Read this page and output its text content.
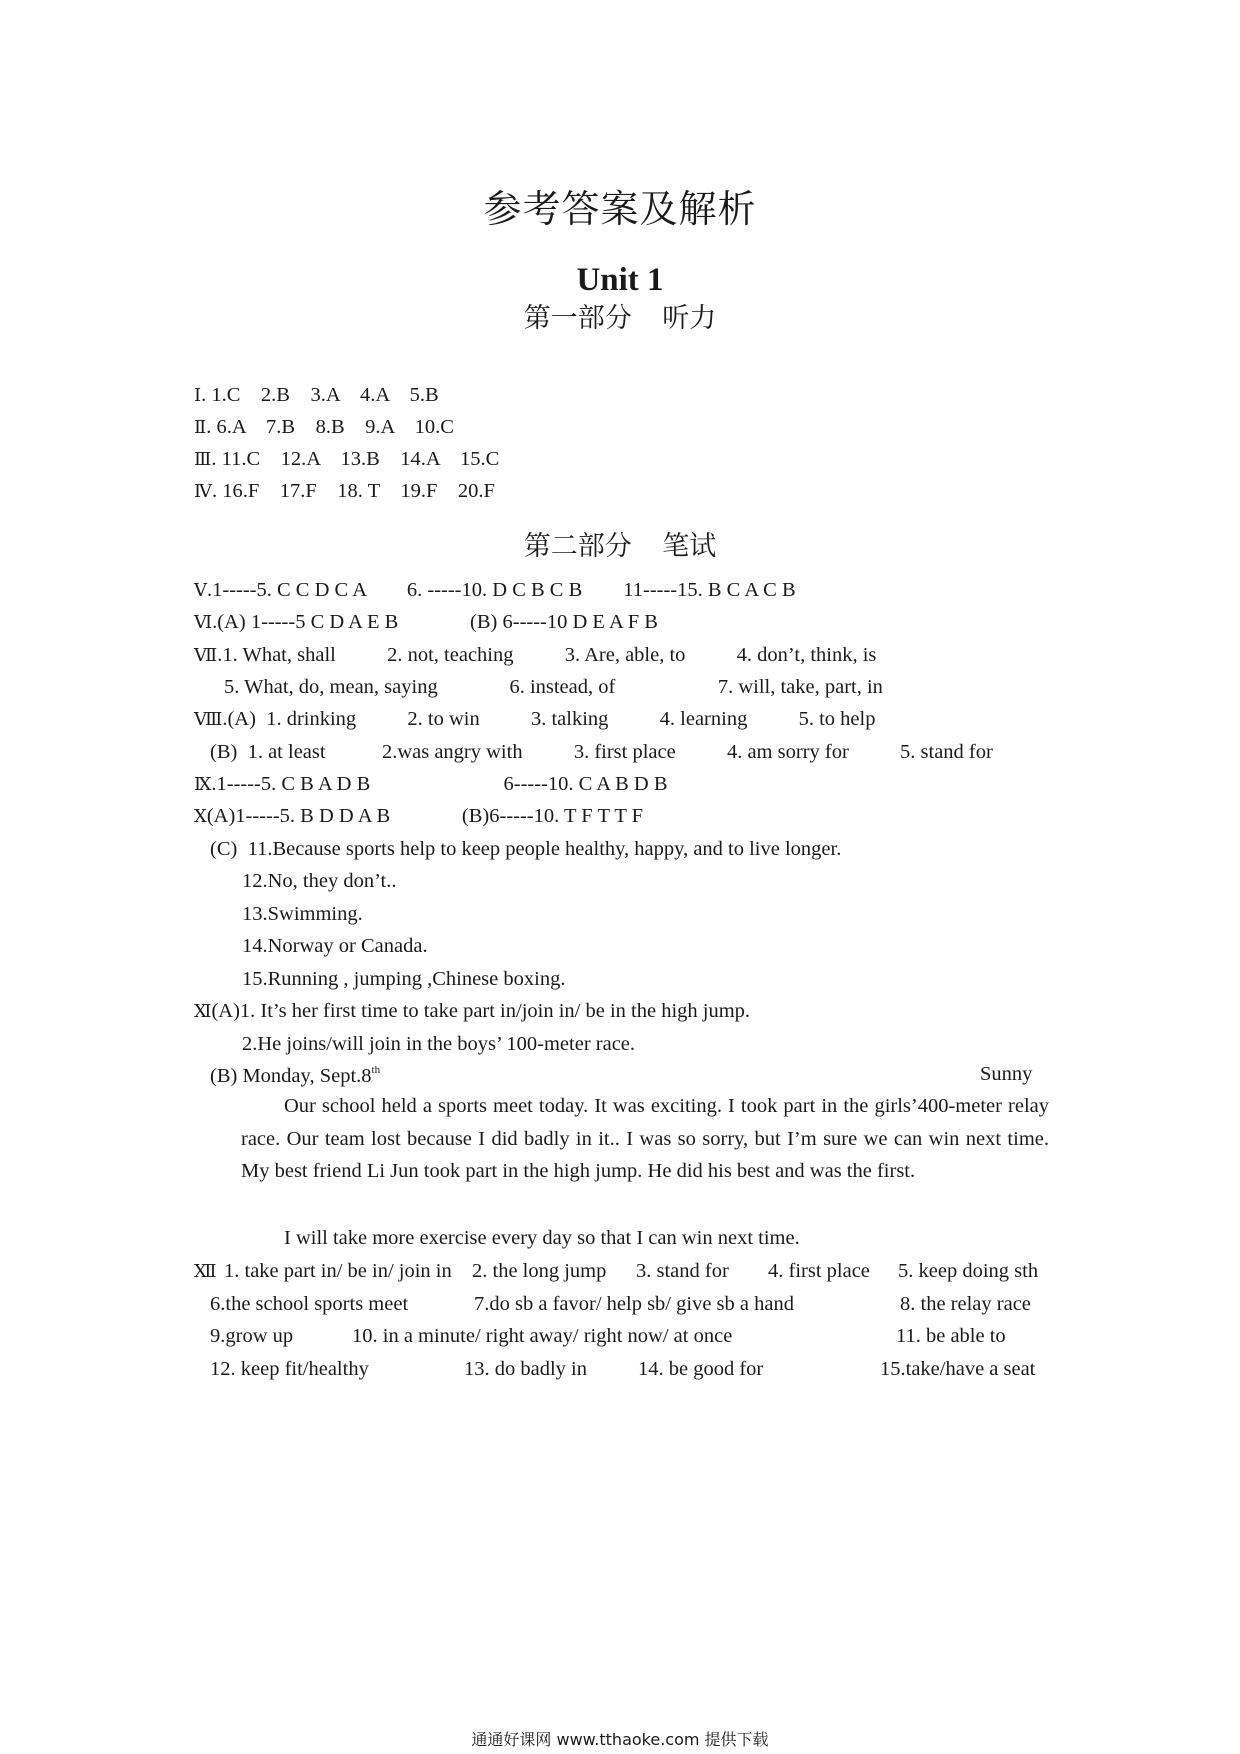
参考答案及解析
Unit 1
第一部分 听力
Ⅰ. 1.C    2.B    3.A    4.A    5.B
Ⅱ. 6.A    7.B    8.B    9.A    10.C
Ⅲ. 11.C    12.A    13.B    14.A    15.C
Ⅳ. 16.F    17.F    18. T    19.F    20.F
第二部分 笔试
Ⅴ.1-----5. C C D C A        6. -----10. D C B C B        11-----15. B C A C B
Ⅵ.(A) 1-----5 C D A E B              (B) 6-----10 D E A F B
Ⅶ.1. What, shall          2. not, teaching          3. Are, able, to          4. don’t, think, is
5. What, do, mean, saying              6. instead, of                    7. will, take, part, in
Ⅷ.(A)  1. drinking          2. to win          3. talking          4. learning          5. to help
(B)  1. at least           2.was angry with          3. first place          4. am sorry for          5. stand for
Ⅸ.1-----5. C B A D B                          6-----10. C A B D B
Ⅹ(A)1-----5. B D D A B              (B)6-----10. T F T T F
(C)  11.Because sports help to keep people healthy, happy, and to live longer.
12.No, they don’t..
13.Swimming.
14.Norway or Canada.
15.Running , jumping ,Chinese boxing.
Ⅺ(A)1. It’s her first time to take part in/join in/ be in the high jump.
2.He joins/will join in the boys’ 100-meter race.
(B) Monday, Sept.8th	Sunny
Our school held a sports meet today. It was exciting. I took part in the girls’400-meter relay race. Our team lost because I did badly in it.. I was so sorry, but I’m sure we can win next time. My best friend Li Jun took part in the high jump. He did his best and was the first.
I will take more exercise every day so that I can win next time.
Ⅻ 1. take part in/ be in/ join in 2. the long jump 3. stand for 4. first place 5. keep doing sth
6.the school sports meet	7.do sb a favor/ help sb/ give sb a hand	8. the relay race
9.grow up	10. in a minute/ right away/ right now/ at once	11. be able to
12. keep fit/healthy	13. do badly in 14. be good for	15.take/have a seat
通通好课网 www.tthaoke.com 提供下载
